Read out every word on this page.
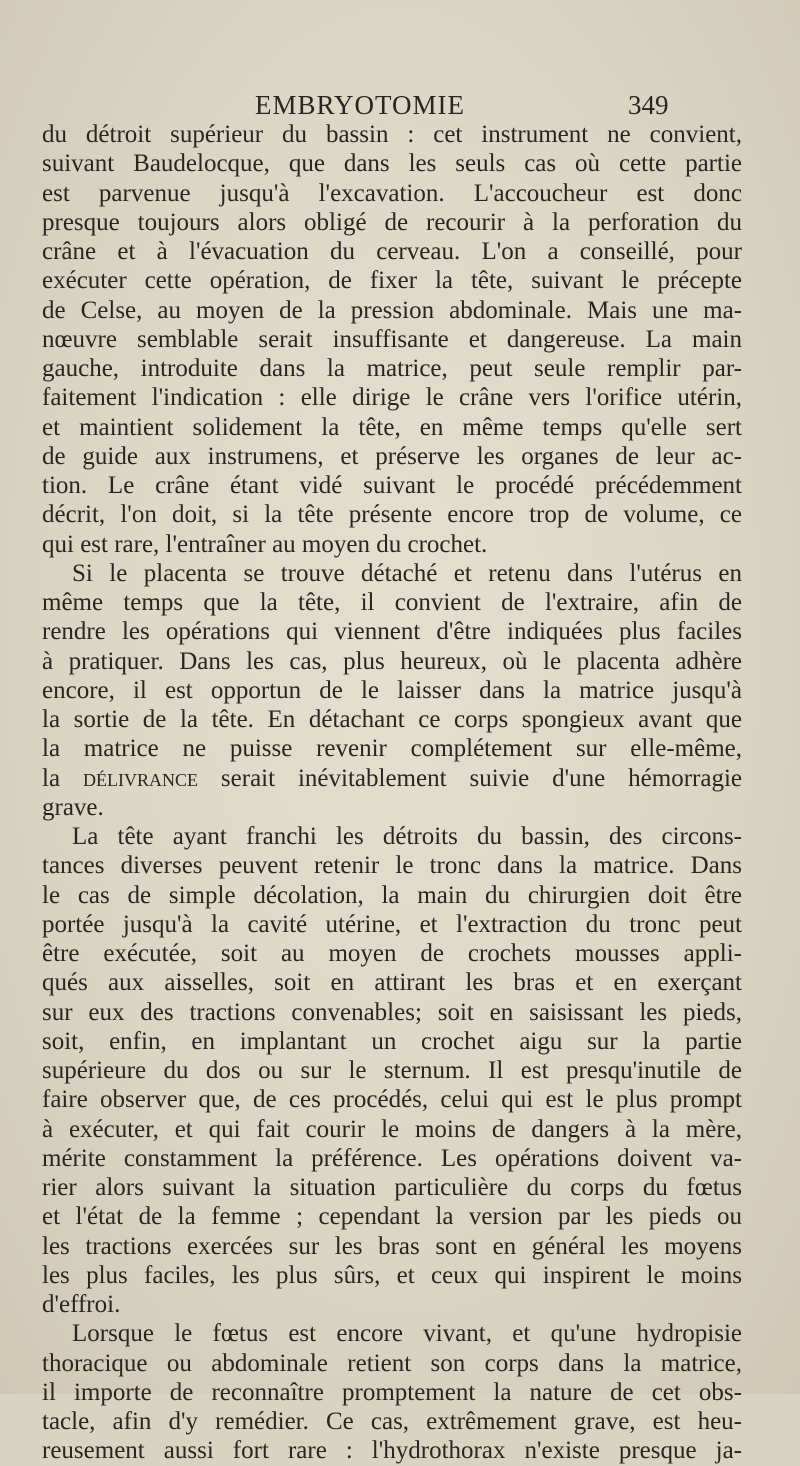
EMBRYOTOMIE	349
du détroit supérieur du bassin : cet instrument ne convient,
suivant Baudelocque, que dans les seuls cas où cette partie
est parvenue jusqu'à l'excavation. L'accoucheur est donc
presque toujours alors obligé de recourir à la perforation du
crâne et à l'évacuation du cerveau. L'on a conseillé, pour
exécuter cette opération, de fixer la tête, suivant le précepte
de Celse, au moyen de la pression abdominale. Mais une ma-
nœuvre semblable serait insuffisante et dangereuse. La main
gauche, introduite dans la matrice, peut seule remplir par-
faitement l'indication : elle dirige le crâne vers l'orifice utérin,
et maintient solidement la tête, en même temps qu'elle sert
de guide aux instrumens, et préserve les organes de leur ac-
tion. Le crâne étant vidé suivant le procédé précédemment
décrit, l'on doit, si la tête présente encore trop de volume, ce
qui est rare, l'entraîner au moyen du crochet.
Si le placenta se trouve détaché et retenu dans l'utérus en
même temps que la tête, il convient de l'extraire, afin de
rendre les opérations qui viennent d'être indiquées plus faciles
à pratiquer. Dans les cas, plus heureux, où le placenta adhère
encore, il est opportun de le laisser dans la matrice jusqu'à
la sortie de la tête. En détachant ce corps spongieux avant que
la matrice ne puisse revenir complétement sur elle-même,
la délivrance serait inévitablement suivie d'une hémorragie
grave.
La tête ayant franchi les détroits du bassin, des circons-
tances diverses peuvent retenir le tronc dans la matrice. Dans
le cas de simple décolation, la main du chirurgien doit être
portée jusqu'à la cavité utérine, et l'extraction du tronc peut
être exécutée, soit au moyen de crochets mousses appli-
qués aux aisselles, soit en attirant les bras et en exerçant
sur eux des tractions convenables; soit en saisissant les pieds,
soit, enfin, en implantant un crochet aigu sur la partie
supérieure du dos ou sur le sternum. Il est presqu'inutile de
faire observer que, de ces procédés, celui qui est le plus prompt
à exécuter, et qui fait courir le moins de dangers à la mère,
mérite constamment la préférence. Les opérations doivent va-
rier alors suivant la situation particulière du corps du fœtus
et l'état de la femme ; cependant la version par les pieds ou
les tractions exercées sur les bras sont en général les moyens
les plus faciles, les plus sûrs, et ceux qui inspirent le moins
d'effroi.
Lorsque le fœtus est encore vivant, et qu'une hydropisie
thoracique ou abdominale retient son corps dans la matrice,
il importe de reconnaître promptement la nature de cet obs-
tacle, afin d'y remédier. Ce cas, extrêmement grave, est heu-
reusement aussi fort rare : l'hydrothorax n'existe presque ja-
